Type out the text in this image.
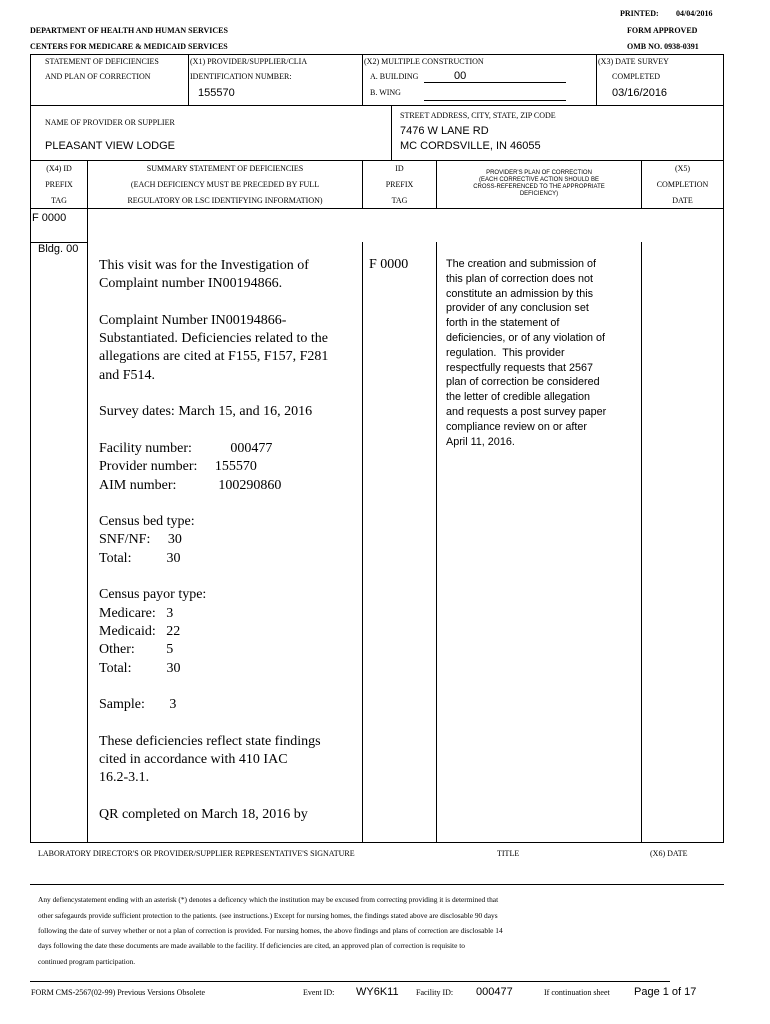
PRINTED: 04/04/2016
DEPARTMENT OF HEALTH AND HUMAN SERVICES	FORM APPROVED
CENTERS FOR MEDICARE & MEDICAID SERVICES	OMB NO. 0938-0391
STATEMENT OF DEFICIENCIES
AND PLAN OF CORRECTION
(X1) PROVIDER/SUPPLIER/CLIA
IDENTIFICATION NUMBER:
155570
(X2) MULTIPLE CONSTRUCTION
A. BUILDING	00
B. WING
(X3) DATE SURVEY
COMPLETED
03/16/2016
NAME OF PROVIDER OR SUPPLIER
PLEASANT VIEW LODGE
STREET ADDRESS, CITY, STATE, ZIP CODE
7476 W LANE RD
MC CORDSVILLE, IN 46055
(X4) ID
PREFIX
TAG
SUMMARY STATEMENT OF DEFICIENCIES
(EACH DEFICIENCY MUST BE PRECEDED BY FULL
REGULATORY OR LSC IDENTIFYING INFORMATION)
ID
PREFIX
TAG
PROVIDER'S PLAN OF CORRECTION
(EACH CORRECTIVE ACTION SHOULD BE
CROSS-REFERENCED TO THE APPROPRIATE
DEFICIENCY)
(X5)
COMPLETION
DATE
F 0000
Bldg. 00
This visit was for the Investigation of
Complaint number IN00194866.

Complaint Number IN00194866-
Substantiated. Deficiencies related to the
allegations are cited at F155, F157, F281
and F514.

Survey dates: March 15, and 16, 2016

Facility number:           000477
Provider number:     155570
AIM number:            100290860

Census bed type:
SNF/NF:     30
Total:          30

Census payor type:
Medicare:   3
Medicaid:   22
Other:         5
Total:          30

Sample:       3

These deficiencies reflect state findings
cited in accordance with 410 IAC
16.2-3.1.

QR completed on March 18, 2016 by
F 0000	The creation and submission of
this plan of correction does not
constitute an admission by this
provider of any conclusion set
forth in the statement of
deficiencies, or of any violation of
regulation.  This provider
respectfully requests that 2567
plan of correction be considered
the letter of credible allegation
and requests a post survey paper
compliance review on or after
April 11, 2016.
LABORATORY DIRECTOR'S OR PROVIDER/SUPPLIER REPRESENTATIVE'S SIGNATURE	TITLE	(X6) DATE
Any defiencystatement ending with an asterisk (*) denotes a deficency which the institution may be excused from correcting providing it is determined that
other safegaurds provide sufficient protection to the patients. (see instructions.) Except for nursing homes, the findings stated above are disclosable 90 days
following the date of survey whether or not a plan of correction is provided. For nursing homes, the above findings and plans of correction are disclosable 14
days following the date these documents are made available to the facility. If deficiencies are cited, an approved plan of correction is requisite to
continued program participation.
FORM CMS-2567(02-99) Previous Versions Obsolete	Event ID: WY6K11 Facility ID: 000477	If continuation sheet Page 1 of 17
